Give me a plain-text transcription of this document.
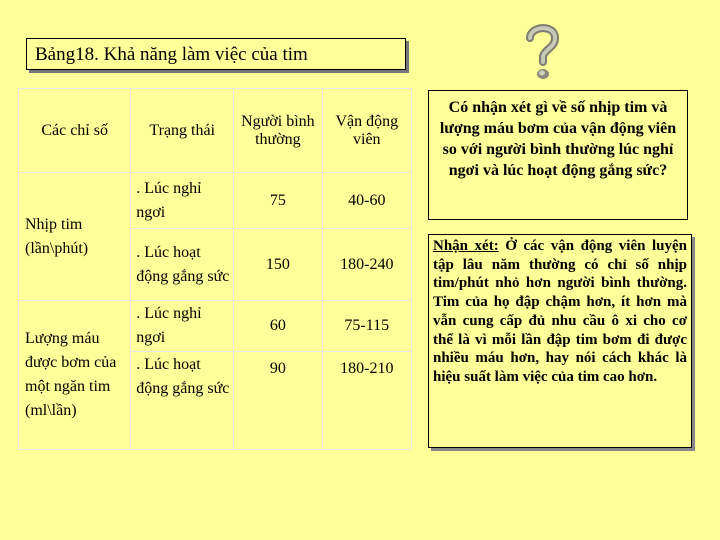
Bảng18. Khả năng làm việc của tim
Các chỉ số	Trạng thái	Người bình thường	Vận động viên
Nhịp tim (lần\phút)	. Lúc nghỉ ngơi	75	40-60
	. Lúc hoạt động gắng sức	150	180-240
Lượng máu được bơm của một ngăn tim (ml\lần)	. Lúc nghỉ ngơi	60	75-115
	. Lúc hoạt động gắng sức	90	180-210
Có nhận xét gì về số nhịp tim và lượng máu bơm của vận động viên so với người bình thường lúc nghỉ ngơi và lúc hoạt động gắng sức?
Nhận xét: Ở các vận động viên luyện tập lâu năm thường có chỉ số nhịp tim/phút nhỏ hơn người bình thường. Tim của họ đập chậm hơn, ít hơn mà vẫn cung cấp đủ nhu cầu ô xi cho cơ thể là vì mỗi lần đập tim bơm đi được nhiều máu hơn, hay nói cách khác là hiệu suất làm việc của tim cao hơn.
